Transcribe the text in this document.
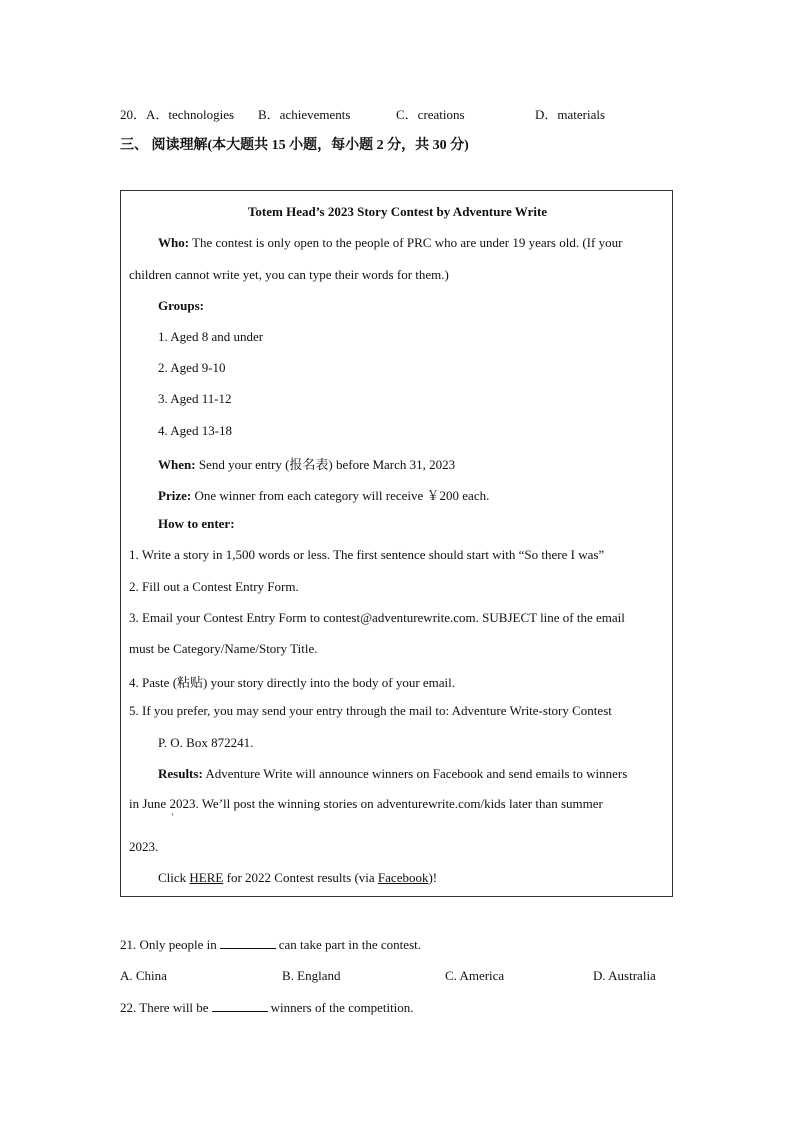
20．A．technologies B．achievements	C．creations	D．materials
三、 阅读理解(本大题共 15 小题，每小题 2 分，共 30 分)
Totem Head’s 2023 Story Contest by Adventure Write
Who: The contest is only open to the people of PRC who are under 19 years old. (If your
children cannot write yet, you can type their words for them.)
Groups:
1. Aged 8 and under
2. Aged 9-10
3. Aged 11-12
4. Aged 13-18
When: Send your entry (报名表) before March 31, 2023
Prize: One winner from each category will receive ￥200 each.
How to enter:
1. Write a story in 1,500 words or less. The first sentence should start with “So there I was”
2. Fill out a Contest Entry Form.
3. Email your Contest Entry Form to contest@adventurewrite.com. SUBJECT line of the email
must be Category/Name/Story Title.
4. Paste (粘贴) your story directly into the body of your email.
5. If you prefer, you may send your entry through the mail to: Adventure Write-story Contest
P. O. Box 872241.
Results: Adventure Write will announce winners on Facebook and send emails to winners
in June 2023. We’ll post the winning stories on adventurewrite.com/kids later than summer
'
2023.
Click HERE for 2022 Contest results (via Facebook)!
21. Only people in	can take part in the contest.
A. China	B. England	C. America	D. Australia
22. There will be	winners of the competition.
